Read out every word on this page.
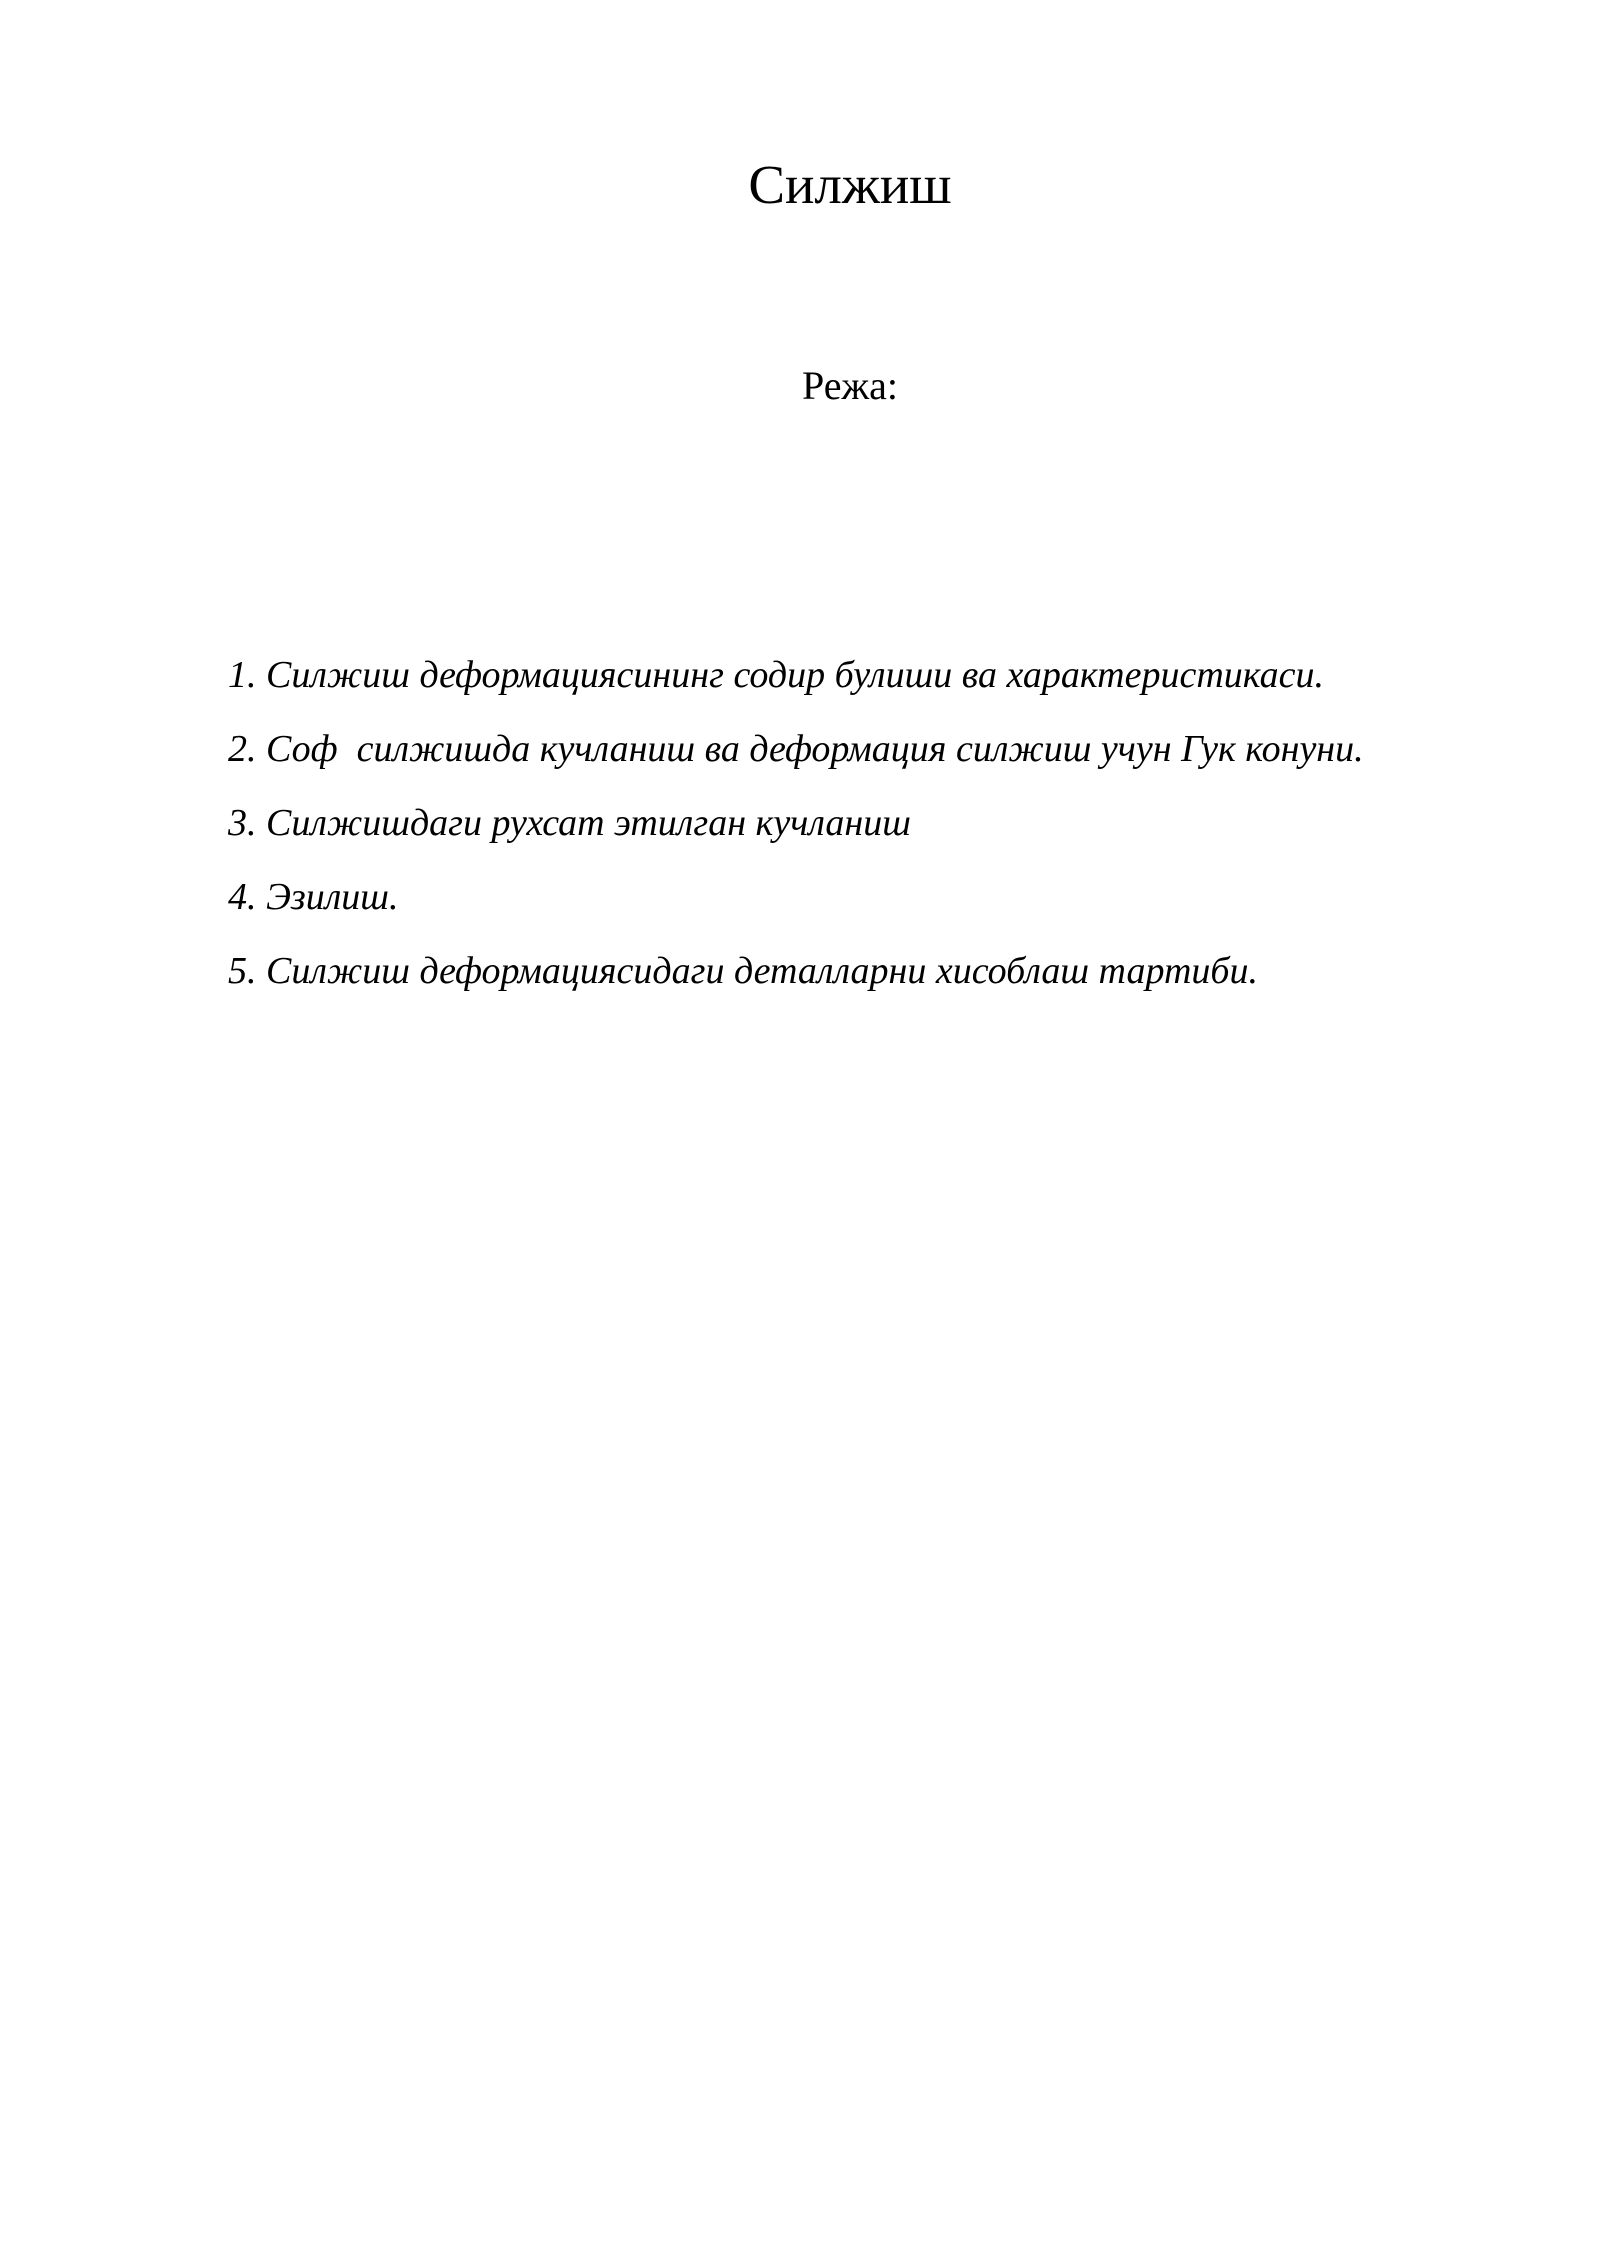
Силжиш
Режа:
1. Силжиш деформациясининг содир булиши ва характеристикаси.
2. Соф  силжишда кучланиш ва деформация силжиш учун Гук конуни.
3. Силжишдаги рухсат этилган кучланиш
4. Эзилиш.
5. Силжиш деформациясидаги деталларни хисоблаш тартиби.
